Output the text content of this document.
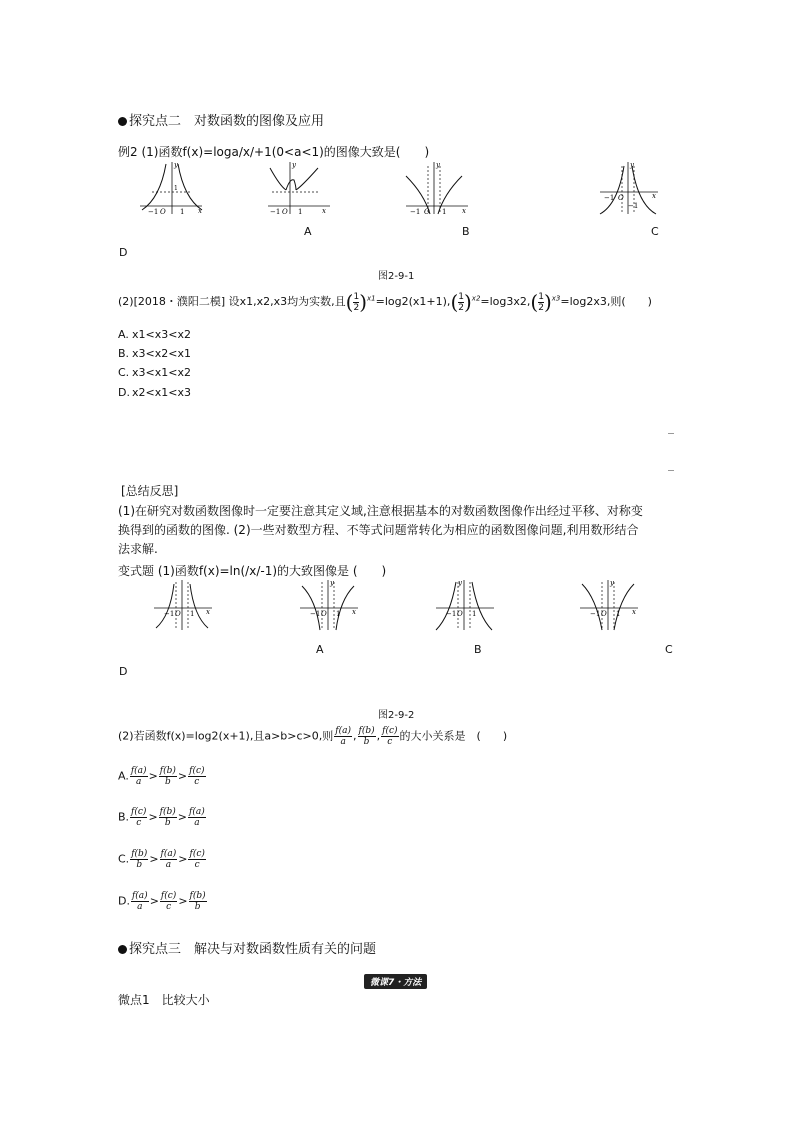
探究点二　对数函数的图像及应用
例2 (1)函数f(x)=loga/x/+1(0<a<1)的图像大致是(　　)
x
y
−1 O 1
1
x
y
−1 O 1	x
y
−1 O 1
x
y
−1 O
−1
D
A	B	C
图2-9-1
(2)[2018・濮阳二模] 设x1,x2,x3均为实数,且( $\frac{1}{2} )^{x1}=\log 2(x1+1),( \frac{1}{2} )^{x2}=\log 3x2,( \frac{1}{2} )^{x3}=\log 2x3$,则(　　)
A. x1<x3<x2
B. x3<x2<x1
C. x3<x1<x2
D. x2<x1<x3
[总结反思]
(1)在研究对数函数图像时一定要注意其定义域,注意根据基本的对数函数图像作出经过平移、对称变
换得到的函数的图像. (2)一些对数型方程、不等式问题常转化为相应的函数图像问题,利用数形结合
法求解.
变式题 (1)函数f(x)=ln(/x/-1)的大致图像是 (　　)
x
−1 O 1	x
y
−1 O 1
y
−1 O 1	x
y
−1 O 1
D
A	B	C
图2-9-2
(2)若函数f(x)=log2(x+1),且a>b>c>0,则 $\frac{f(a)}{a}$ , $\frac{f(b)}{b}$ , $\frac{f(c)}{c}$ 的大小关系是　(　　)
A. $\frac{f(a)}{a} > \frac{f(b)}{b} > \frac{f(c)}{c}$
B. $\frac{f(c)}{c} > \frac{f(b)}{b} > \frac{f(a)}{a}$
C. $\frac{f(b)}{b} > \frac{f(a)}{a} > \frac{f(c)}{c}$
D. $\frac{f(a)}{a} > \frac{f(c)}{c} > \frac{f(b)}{b}$
探究点三　解决与对数函数性质有关的问题
微课7・方法
微点1　比较大小
